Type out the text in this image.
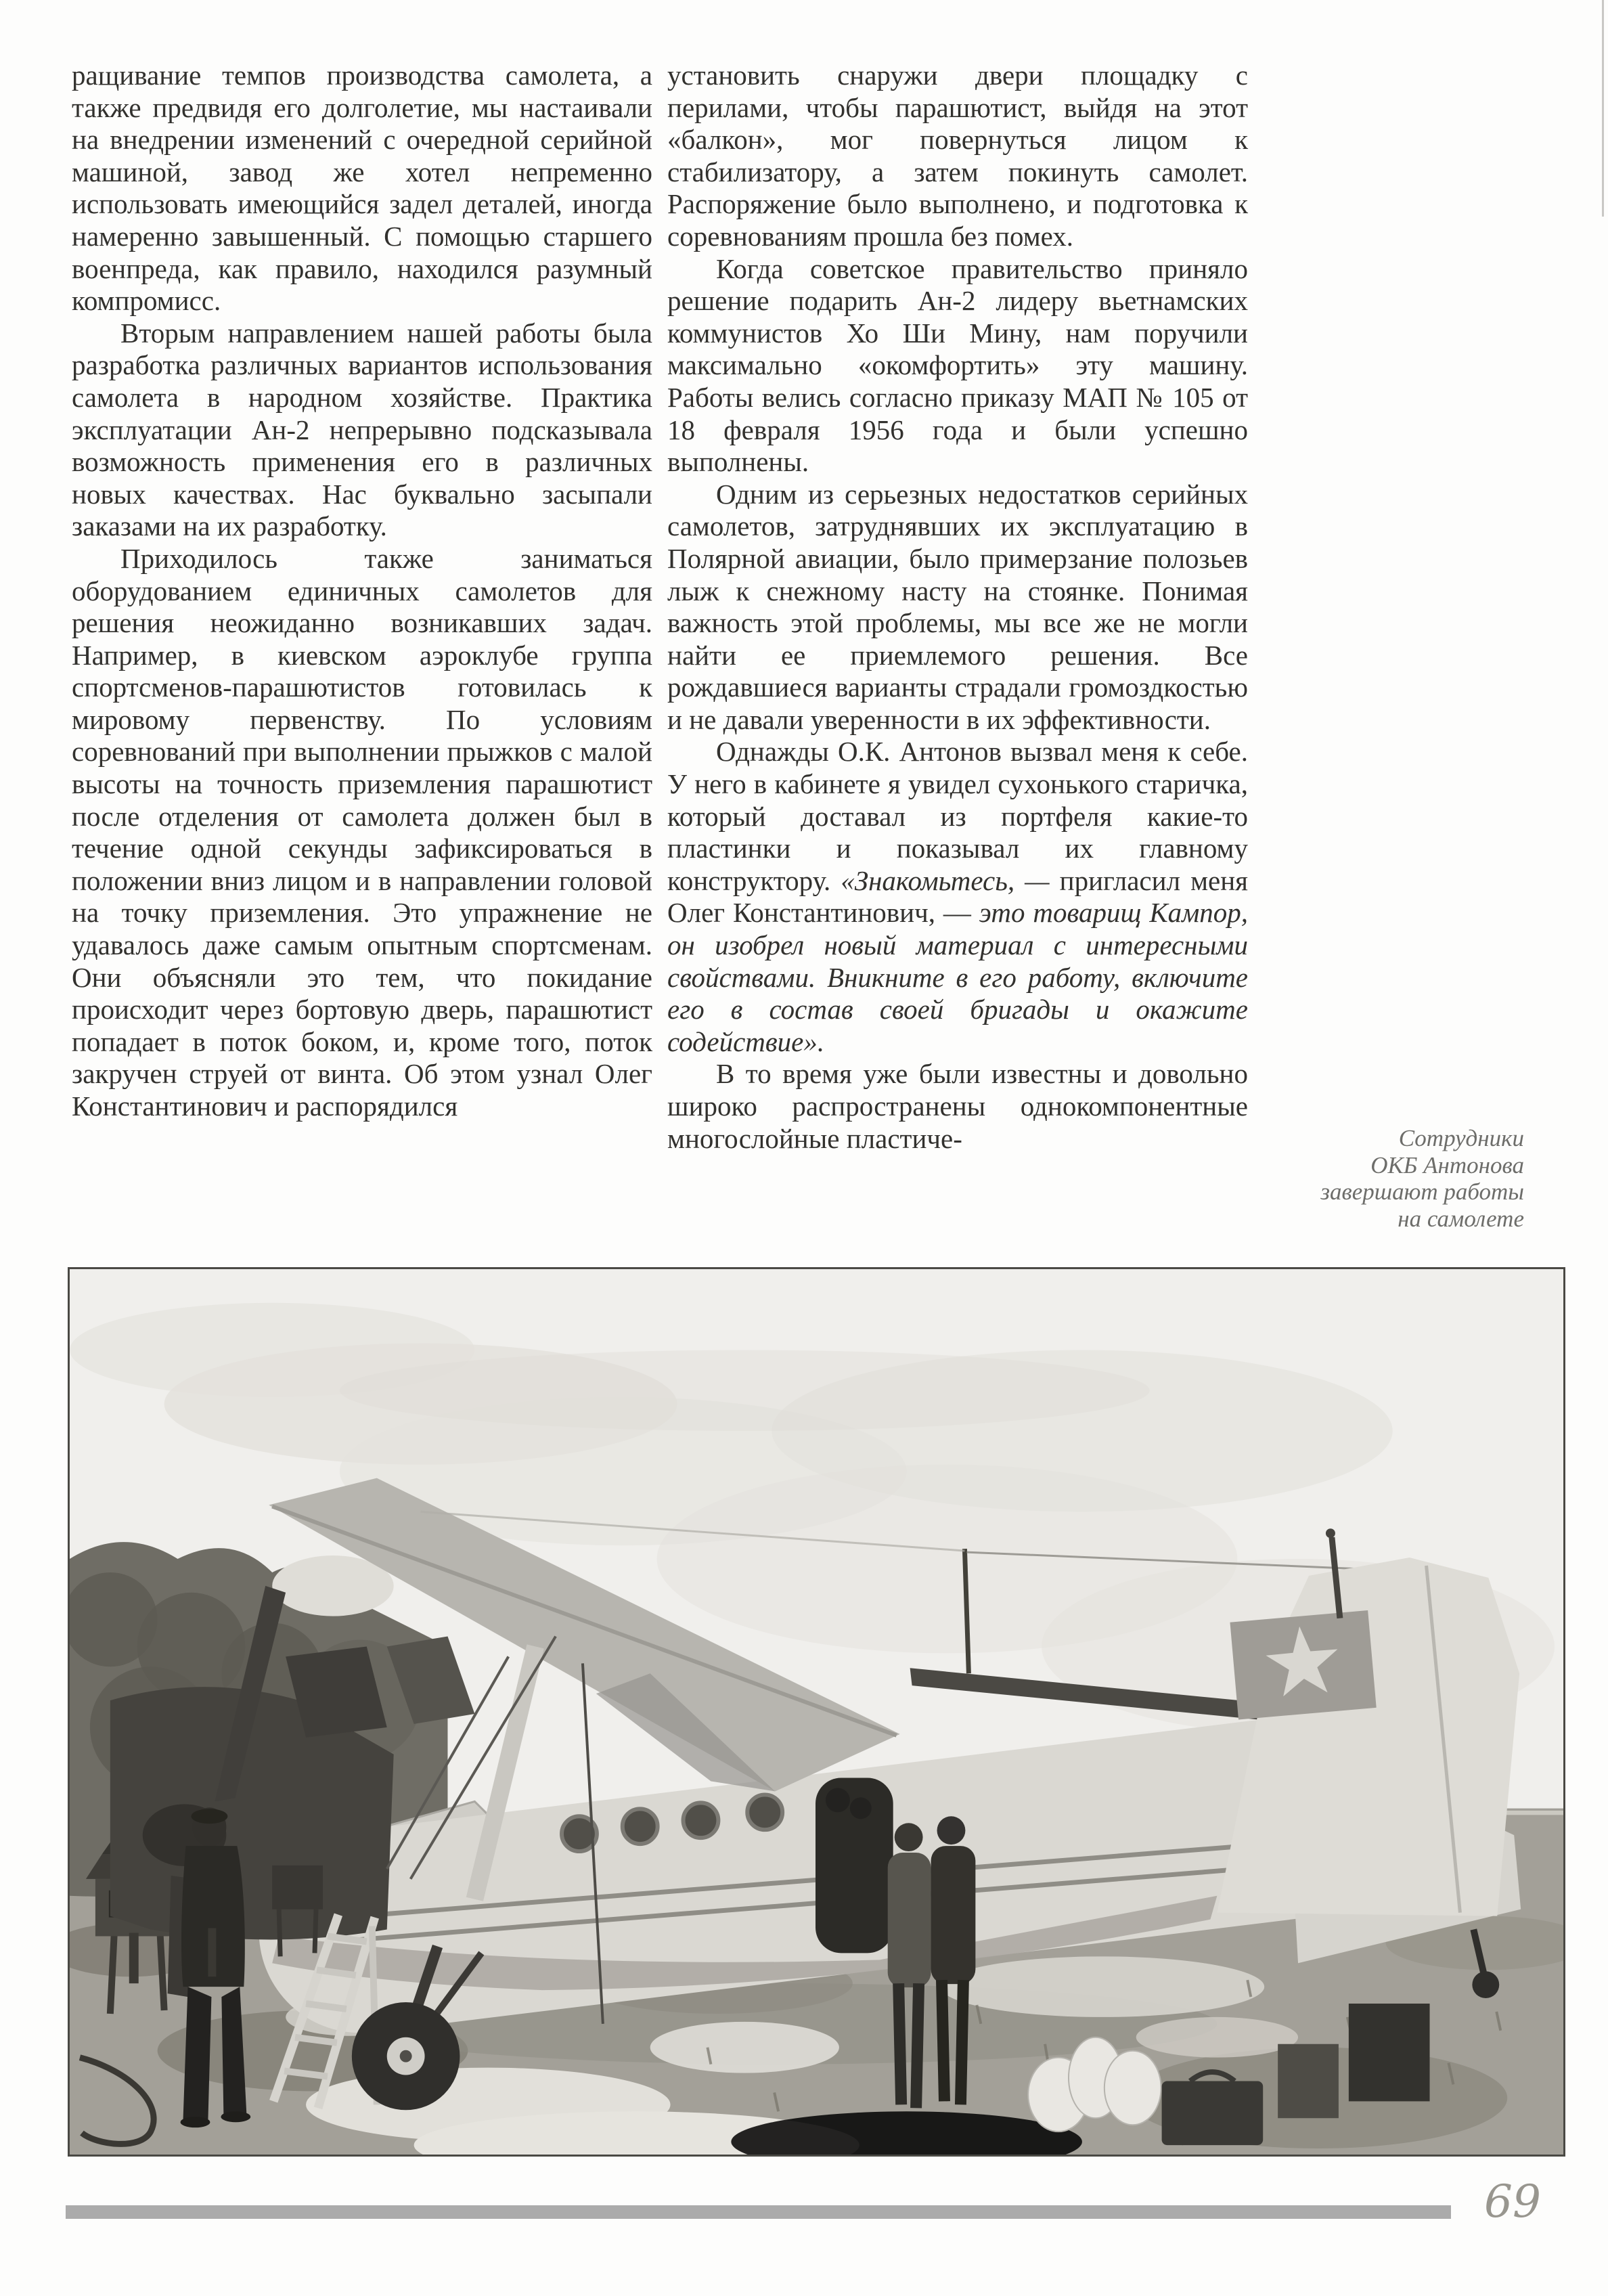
ращивание темпов производства самолета, а также предвидя его долголетие, мы настаивали на внедрении изменений с очередной серийной машиной, завод же хотел непременно использовать имеющийся задел деталей, иногда намеренно завышенный. С помощью старшего военпреда, как правило, находился разумный компромисс.

Вторым направлением нашей работы была разработка различных вариантов использования самолета в народном хозяйстве. Практика эксплуатации Ан-2 непрерывно подсказывала возможность применения его в различных новых качествах. Нас буквально засыпали заказами на их разработку.

Приходилось также заниматься оборудованием единичных самолетов для решения неожиданно возникавших задач. Например, в киевском аэроклубе группа спортсменов-парашютистов готовилась к мировому первенству. По условиям соревнований при выполнении прыжков с малой высоты на точность приземления парашютист после отделения от самолета должен был в течение одной секунды зафиксироваться в положении вниз лицом и в направлении головой на точку приземления. Это упражнение не удавалось даже самым опытным спортсменам. Они объясняли это тем, что покидание происходит через бортовую дверь, парашютист попадает в поток боком, и, кроме того, поток закручен струей от винта. Об этом узнал Олег Константинович и распорядился

установить снаружи двери площадку с перилами, чтобы парашютист, выйдя на этот «балкон», мог повернуться лицом к стабилизатору, а затем покинуть самолет. Распоряжение было выполнено, и подготовка к соревнованиям прошла без помех.

Когда советское правительство приняло решение подарить Ан-2 лидеру вьетнамских коммунистов Хо Ши Мину, нам поручили максимально «окомфортить» эту машину. Работы велись согласно приказу МАП № 105 от 18 февраля 1956 года и были успешно выполнены.

Одним из серьезных недостатков серийных самолетов, затруднявших их эксплуатацию в Полярной авиации, было примерзание полозьев лыж к снежному насту на стоянке. Понимая важность этой проблемы, мы все же не могли найти ее приемлемого решения. Все рождавшиеся варианты страдали громоздкостью и не давали уверенности в их эффективности.

Однажды О.К. Антонов вызвал меня к себе. У него в кабинете я увидел сухонького старичка, который доставал из портфеля какие-то пластинки и показывал их главному конструктору. «Знакомьтесь, — пригласил меня Олег Константинович, — это товарищ Кампор, он изобрел новый материал с интересными свойствами. Вникните в его работу, включите его в состав своей бригады и окажите содействие».

В то время уже были известны и довольно широко распространены однокомпонентные многослойные пластиче-	Сотрудники
ОКБ Антонова
завершают работы
на самолете
69
